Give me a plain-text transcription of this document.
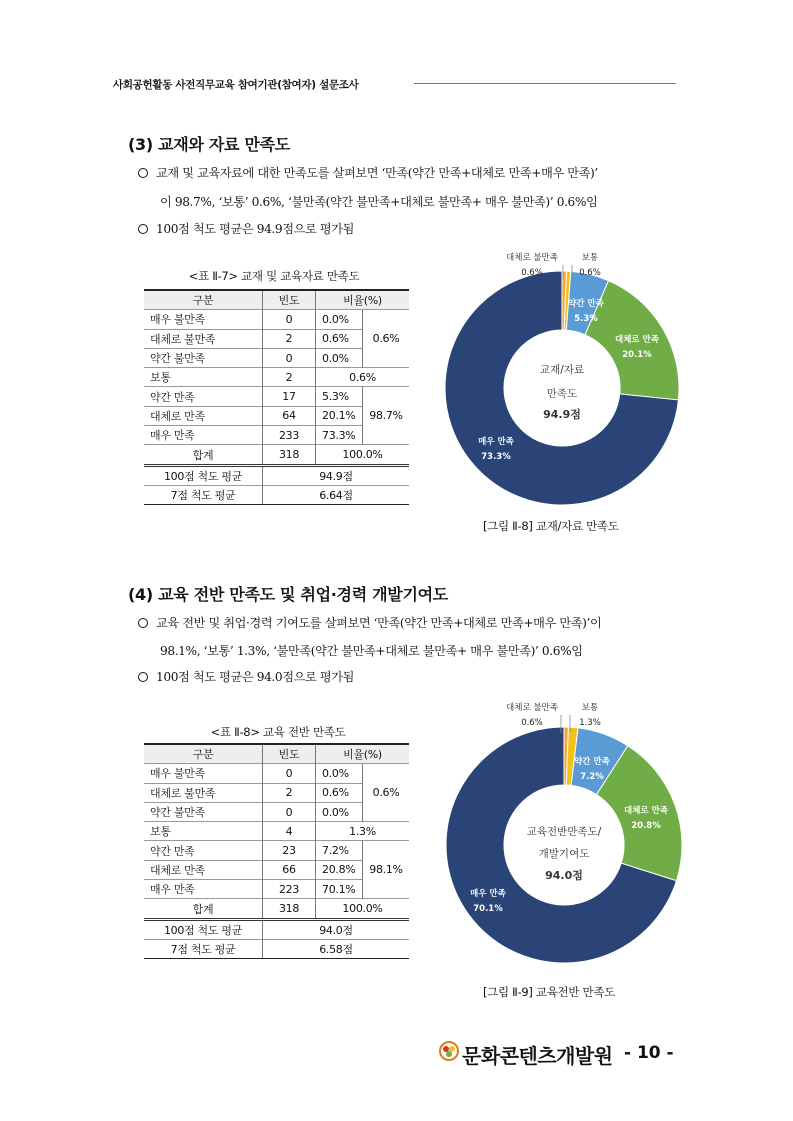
사회공헌활동 사전직무교육 참여기관(참여자) 설문조사
(3) 교재와 자료 만족도
교재 및 교육자료에 대한 만족도를 살펴보면 ‘만족(약간 만족+대체로 만족+매우 만족)’
이 98.7%, ‘보통’ 0.6%, ‘불만족(약간 불만족+대체로 불만족+ 매우 불만족)’ 0.6%임
100점 척도 평균은 94.9점으로 평가됨
<표 Ⅱ-7> 교재 및 교육자료 만족도
구분	빈도	비율(%)	
매우 불만족	0	0.0%	0.6%
대체로 불만족	2	0.6%	
약간 불만족	0	0.0%	
보통	2	0.6%	
약간 만족	17	5.3%	98.7%
대체로 만족	64	20.1%	
매우 만족	233	73.3%	
합계	318	100.0%	
100점 척도 평균	94.9점		
7점 척도 평균	6.64점		
대체로 불만족
0.6%
보통
0.6%
약간 만족
5.3%
대체로 만족
20.1%
매우 만족
73.3%
교재/자료
만족도
94.9점
[그림 Ⅱ-8] 교재/자료 만족도
(4) 교육 전반 만족도 및 취업·경력 개발기여도
교육 전반 및 취업·경력 기여도를 살펴보면 ‘만족(약간 만족+대체로 만족+매우 만족)’이
98.1%, ‘보통’ 1.3%, ‘불만족(약간 불만족+대체로 불만족+ 매우 불만족)’ 0.6%임
100점 척도 평균은 94.0점으로 평가됨
<표 Ⅱ-8> 교육 전반 만족도
구분	빈도	비율(%)	
매우 불만족	0	0.0%	0.6%
대체로 불만족	2	0.6%	
약간 불만족	0	0.0%	
보통	4	1.3%	
약간 만족	23	7.2%	98.1%
대체로 만족	66	20.8%	
매우 만족	223	70.1%	
합계	318	100.0%	
100점 척도 평균	94.0점		
7점 척도 평균	6.58점		
대체로 불만족
0.6%
보통
1.3%
약간 만족
7.2%
대체로 만족
20.8%
매우 만족
70.1%
교육전반만족도/
개발기여도
94.0점
[그림 Ⅱ-9] 교육전반 만족도
문화콘텐츠개발원 - 10 -
